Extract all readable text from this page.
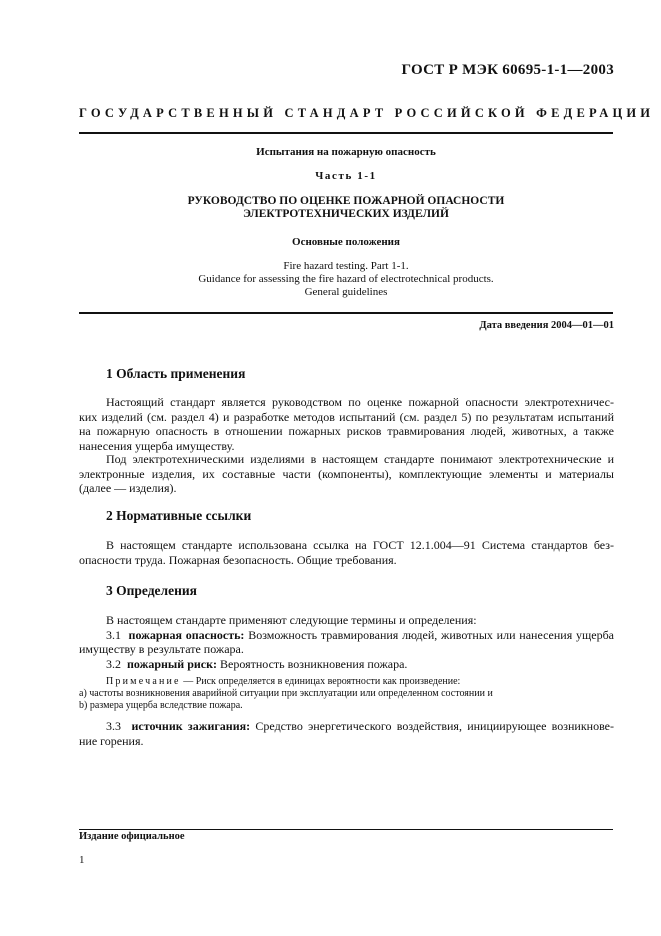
ГОСТ Р МЭК 60695-1-1—2003
ГОСУДАРСТВЕННЫЙ СТАНДАРТ РОССИЙСКОЙ ФЕДЕРАЦИИ
Испытания на пожарную опасность
Часть 1-1
РУКОВОДСТВО ПО ОЦЕНКЕ ПОЖАРНОЙ ОПАСНОСТИ
ЭЛЕКТРОТЕХНИЧЕСКИХ ИЗДЕЛИЙ
Основные положения
Fire hazard testing. Part 1-1.
Guidance for assessing the fire hazard of electrotechnical products.
General guidelines
Дата введения 2004—01—01
1 Область применения
Настоящий стандарт является руководством по оценке пожарной опасности электротехничес-
ких изделий (см. раздел 4) и разработке методов испытаний (см. раздел 5) по результатам испытаний
на пожарную опасность в отношении пожарных рисков травмирования людей, животных, а также
нанесения ущерба имуществу.
Под электротехническими изделиями в настоящем стандарте понимают электротехнические и
электронные изделия, их составные части (компоненты), комплектующие элементы и материалы
(далее — изделия).
2 Нормативные ссылки
В настоящем стандарте использована ссылка на ГОСТ 12.1.004—91 Система стандартов без-
опасности труда. Пожарная безопасность. Общие требования.
3 Определения
В настоящем стандарте применяют следующие термины и определения:
3.1 пожарная опасность: Возможность травмирования людей, животных или нанесения ущерба
имуществу в результате пожара.
3.2 пожарный риск: Вероятность возникновения пожара.
Примечание — Риск определяется в единицах вероятности как произведение:
a) частоты возникновения аварийной ситуации при эксплуатации или определенном состоянии и
b) размера ущерба вследствие пожара.
3.3 источник зажигания: Средство энергетического воздействия, инициирующее возникнове-
ние горения.
Издание официальное
1
